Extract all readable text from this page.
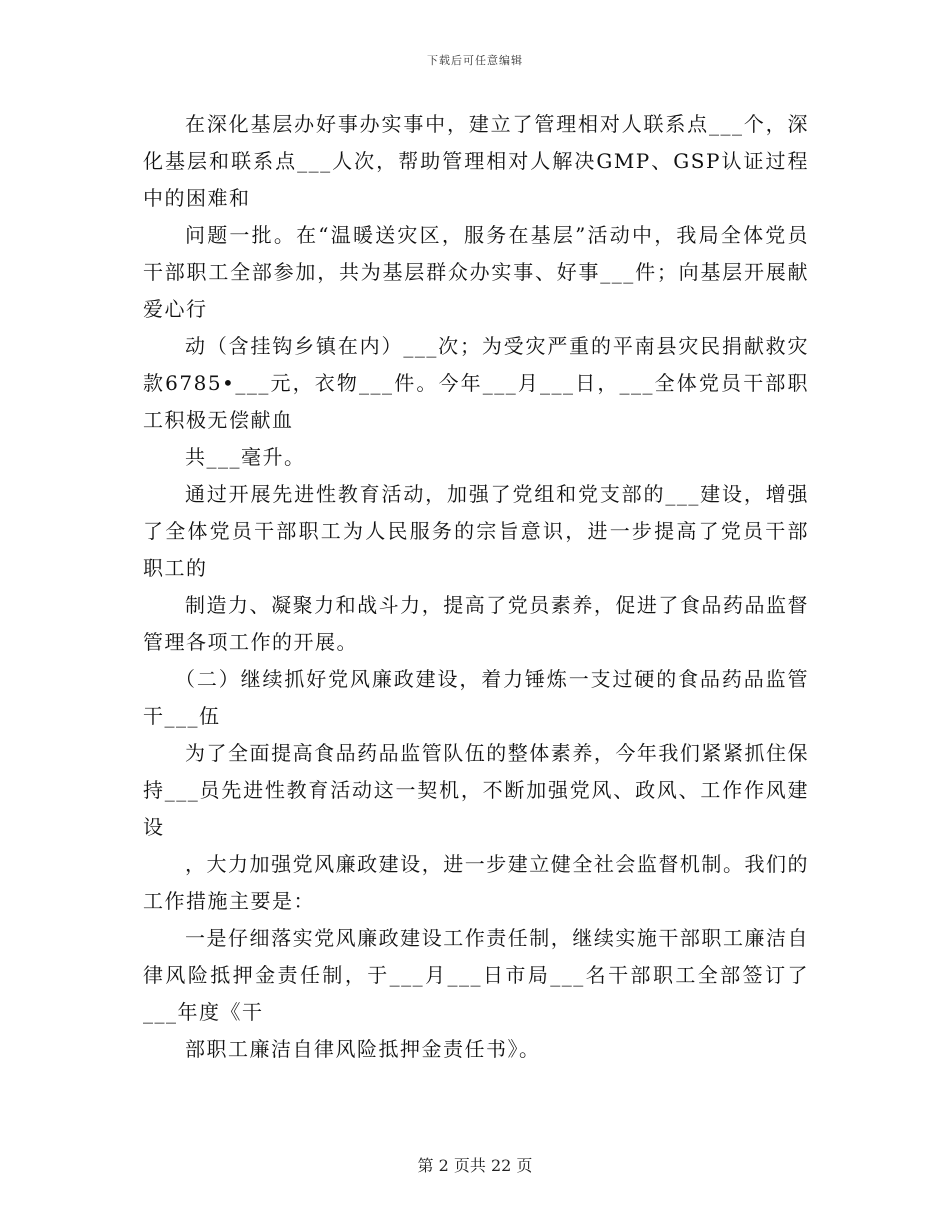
下载后可任意编辑

在深化基层办好事办实事中，建立了管理相对人联系点___个，深化基层和联系点___人次，帮助管理相对人解决GMP、GSP认证过程中的困难和

问题一批。在“温暖送灾区，服务在基层”活动中，我局全体党员干部职工全部参加，共为基层群众办实事、好事___件；向基层开展献爱心行

动（含挂钩乡镇在内）___次；为受灾严重的平南县灾民捐献救灾款6785•___元，衣物___件。今年___月___日，___全体党员干部职工积极无偿献血

共___毫升。

通过开展先进性教育活动，加强了党组和党支部的___建设，增强了全体党员干部职工为人民服务的宗旨意识，进一步提高了党员干部职工的

制造力、凝聚力和战斗力，提高了党员素养，促进了食品药品监督管理各项工作的开展。

（二）继续抓好党风廉政建设，着力锤炼一支过硬的食品药品监管干___伍

为了全面提高食品药品监管队伍的整体素养，今年我们紧紧抓住保持___员先进性教育活动这一契机，不断加强党风、政风、工作作风建设

，大力加强党风廉政建设，进一步建立健全社会监督机制。我们的工作措施主要是：

一是仔细落实党风廉政建设工作责任制，继续实施干部职工廉洁自律风险抵押金责任制，于___月___日市局___名干部职工全部签订了___年度《干

部职工廉洁自律风险抵押金责任书》。

第 2 页共 22 页
